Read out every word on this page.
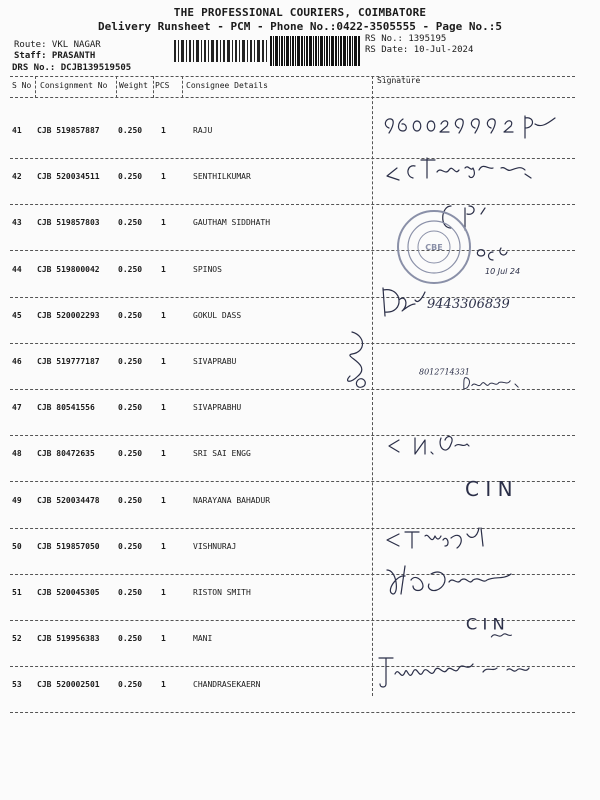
THE PROFESSIONAL COURIERS, COIMBATORE
Delivery Runsheet - PCM - Phone No.:0422-3505555 - Page No.:5
Route: VKL NAGAR
Staff: PRASANTH
DRS No.: DCJB139519505
RS No.: 1395195
RS Date: 10-Jul-2024
S No Consignment No Weight PCS Consignee Details
Signature
41 CJB 519857887 0.250 1	RAJU
42 CJB 520034511 0.250 1	SENTHILKUMAR
43 CJB 519857803 0.250 1	GAUTHAM SIDDHATH
44 CJB 519800042 0.250 1	SPINOS
45 CJB 520002293 0.250 1	GOKUL DASS
46 CJB 519777187 0.250 1	SIVAPRABU
47 CJB 80541556	0.250 1	SIVAPRABHU
48 CJB 80472635	0.250 1	SRI SAI ENGG
49 CJB 520034478 0.250 1	NARAYANA BAHADUR
50 CJB 519857050 0.250 1	VISHNURAJ
51 CJB 520045305 0.250 1	RISTON SMITH
52 CJB 519956383 0.250 1	MANI
53 CJB 520002501 0.250 1	CHANDRASEKAERN
CBE
10 Jul 24
9443306839
8012714331
C I N
C I N
